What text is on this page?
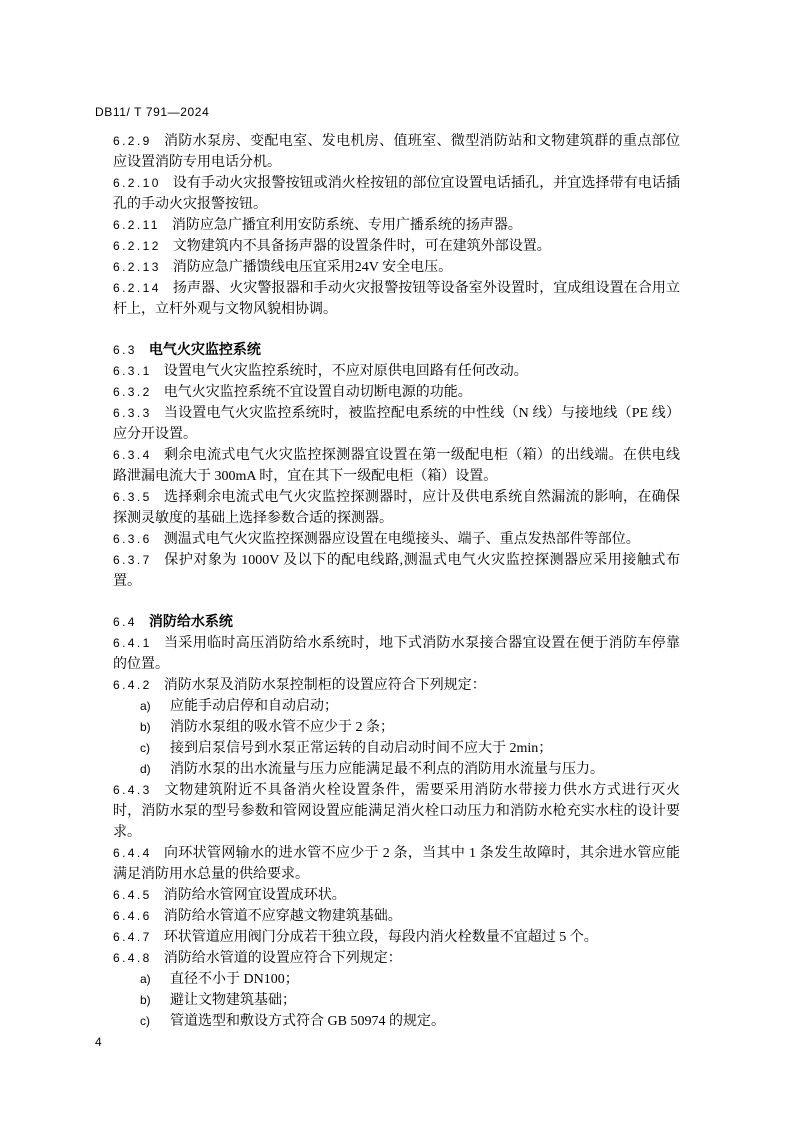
DB11/ T 791—2024

6.2.9 消防水泵房、变配电室、发电机房、值班室、微型消防站和文物建筑群的重点部位应设置消防专用电话分机。

6.2.10 设有手动火灾报警按钮或消火栓按钮的部位宜设置电话插孔，并宜选择带有电话插孔的手动火灾报警按钮。

6.2.11 消防应急广播宜利用安防系统、专用广播系统的扬声器。

6.2.12 文物建筑内不具备扬声器的设置条件时，可在建筑外部设置。

6.2.13 消防应急广播馈线电压宜采用24V 安全电压。

6.2.14 扬声器、火灾警报器和手动火灾报警按钮等设备室外设置时，宜成组设置在合用立杆上，立杆外观与文物风貌相协调。

6.3 电气火灾监控系统

6.3.1 设置电气火灾监控系统时，不应对原供电回路有任何改动。

6.3.2 电气火灾监控系统不宜设置自动切断电源的功能。

6.3.3 当设置电气火灾监控系统时，被监控配电系统的中性线（N 线）与接地线（PE 线）应分开设置。

6.3.4 剩余电流式电气火灾监控探测器宜设置在第一级配电柜（箱）的出线端。在供电线路泄漏电流大于 300mA 时，宜在其下一级配电柜（箱）设置。

6.3.5 选择剩余电流式电气火灾监控探测器时，应计及供电系统自然漏流的影响，在确保探测灵敏度的基础上选择参数合适的探测器。

6.3.6 测温式电气火灾监控探测器应设置在电缆接头、端子、重点发热部件等部位。

6.3.7 保护对象为 1000V 及以下的配电线路,测温式电气火灾监控探测器应采用接触式布置。

6.4 消防给水系统

6.4.1 当采用临时高压消防给水系统时，地下式消防水泵接合器宜设置在便于消防车停靠的位置。

6.4.2 消防水泵及消防水泵控制柜的设置应符合下列规定：

a) 应能手动启停和自动启动；
b) 消防水泵组的吸水管不应少于 2 条；
c) 接到启泵信号到水泵正常运转的自动启动时间不应大于 2min；
d) 消防水泵的出水流量与压力应能满足最不利点的消防用水流量与压力。

6.4.3 文物建筑附近不具备消火栓设置条件，需要采用消防水带接力供水方式进行灭火时，消防水泵的型号参数和管网设置应能满足消火栓口动压力和消防水枪充实水柱的设计要求。

6.4.4 向环状管网输水的进水管不应少于 2 条，当其中 1 条发生故障时，其余进水管应能满足消防用水总量的供给要求。

6.4.5 消防给水管网宜设置成环状。

6.4.6 消防给水管道不应穿越文物建筑基础。

6.4.7 环状管道应用阀门分成若干独立段，每段内消火栓数量不宜超过 5 个。

6.4.8 消防给水管道的设置应符合下列规定：

a) 直径不小于 DN100；
b) 避让文物建筑基础；
c) 管道选型和敷设方式符合 GB 50974 的规定。
4
